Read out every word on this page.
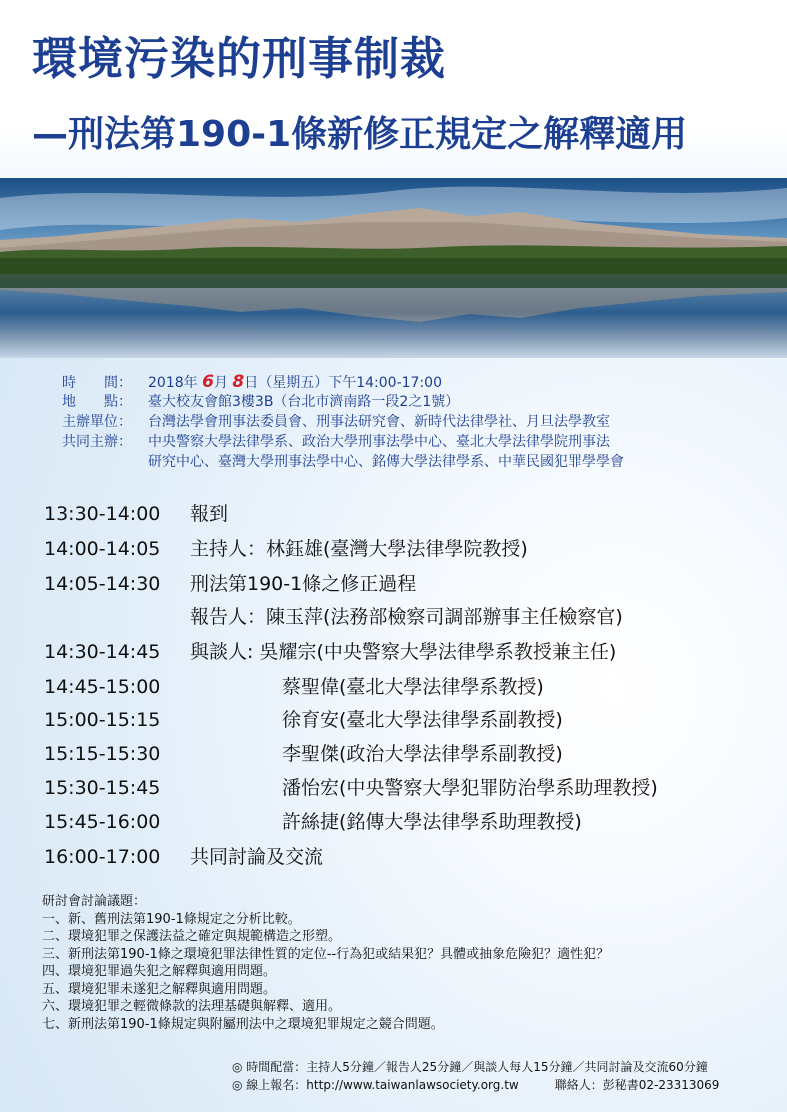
環境污染的刑事制裁
—刑法第190-1條新修正規定之解釋適用
時　　間： 2018年 6月 8日（星期五）下午14:00-17:00
地　　點： 臺大校友會館3樓3B（台北市濟南路一段2之1號）
主辦單位： 台灣法學會刑事法委員會、刑事法研究會、新時代法律學社、月旦法學教室
共同主辦： 中央警察大學法律學系、政治大學刑事法學中心、臺北大學法律學院刑事法
研究中心、臺灣大學刑事法學中心、銘傳大學法律學系、中華民國犯罪學學會
13:30-14:00	報到
14:00-14:05	主持人：林鈺雄(臺灣大學法律學院教授)
14:05-14:30	刑法第190-1條之修正過程
報告人：陳玉萍(法務部檢察司調部辦事主任檢察官)
14:30-14:45	與談人: 吳耀宗(中央警察大學法律學系教授兼主任)
14:45-15:00	蔡聖偉(臺北大學法律學系教授)
15:00-15:15	徐育安(臺北大學法律學系副教授)
15:15-15:30	李聖傑(政治大學法律學系副教授)
15:30-15:45	潘怡宏(中央警察大學犯罪防治學系助理教授)
15:45-16:00	許絲捷(銘傳大學法律學系助理教授)
16:00-17:00	共同討論及交流
研討會討論議題：
一、新、舊刑法第190-1條規定之分析比較。
二、環境犯罪之保護法益之確定與規範構造之形塑。
三、新刑法第190-1條之環境犯罪法律性質的定位--行為犯或結果犯？具體或抽象危險犯？適性犯？
四、環境犯罪過失犯之解釋與適用問題。
五、環境犯罪未遂犯之解釋與適用問題。
六、環境犯罪之輕微條款的法理基礎與解釋、適用。
七、新刑法第190-1條規定與附屬刑法中之環境犯罪規定之競合問題。
◎ 時間配當：主持人5分鐘／報告人25分鐘／與談人每人15分鐘／共同討論及交流60分鐘
◎ 線上報名：http://www.taiwanlawsociety.org.tw	聯絡人：彭秘書02-23313069
